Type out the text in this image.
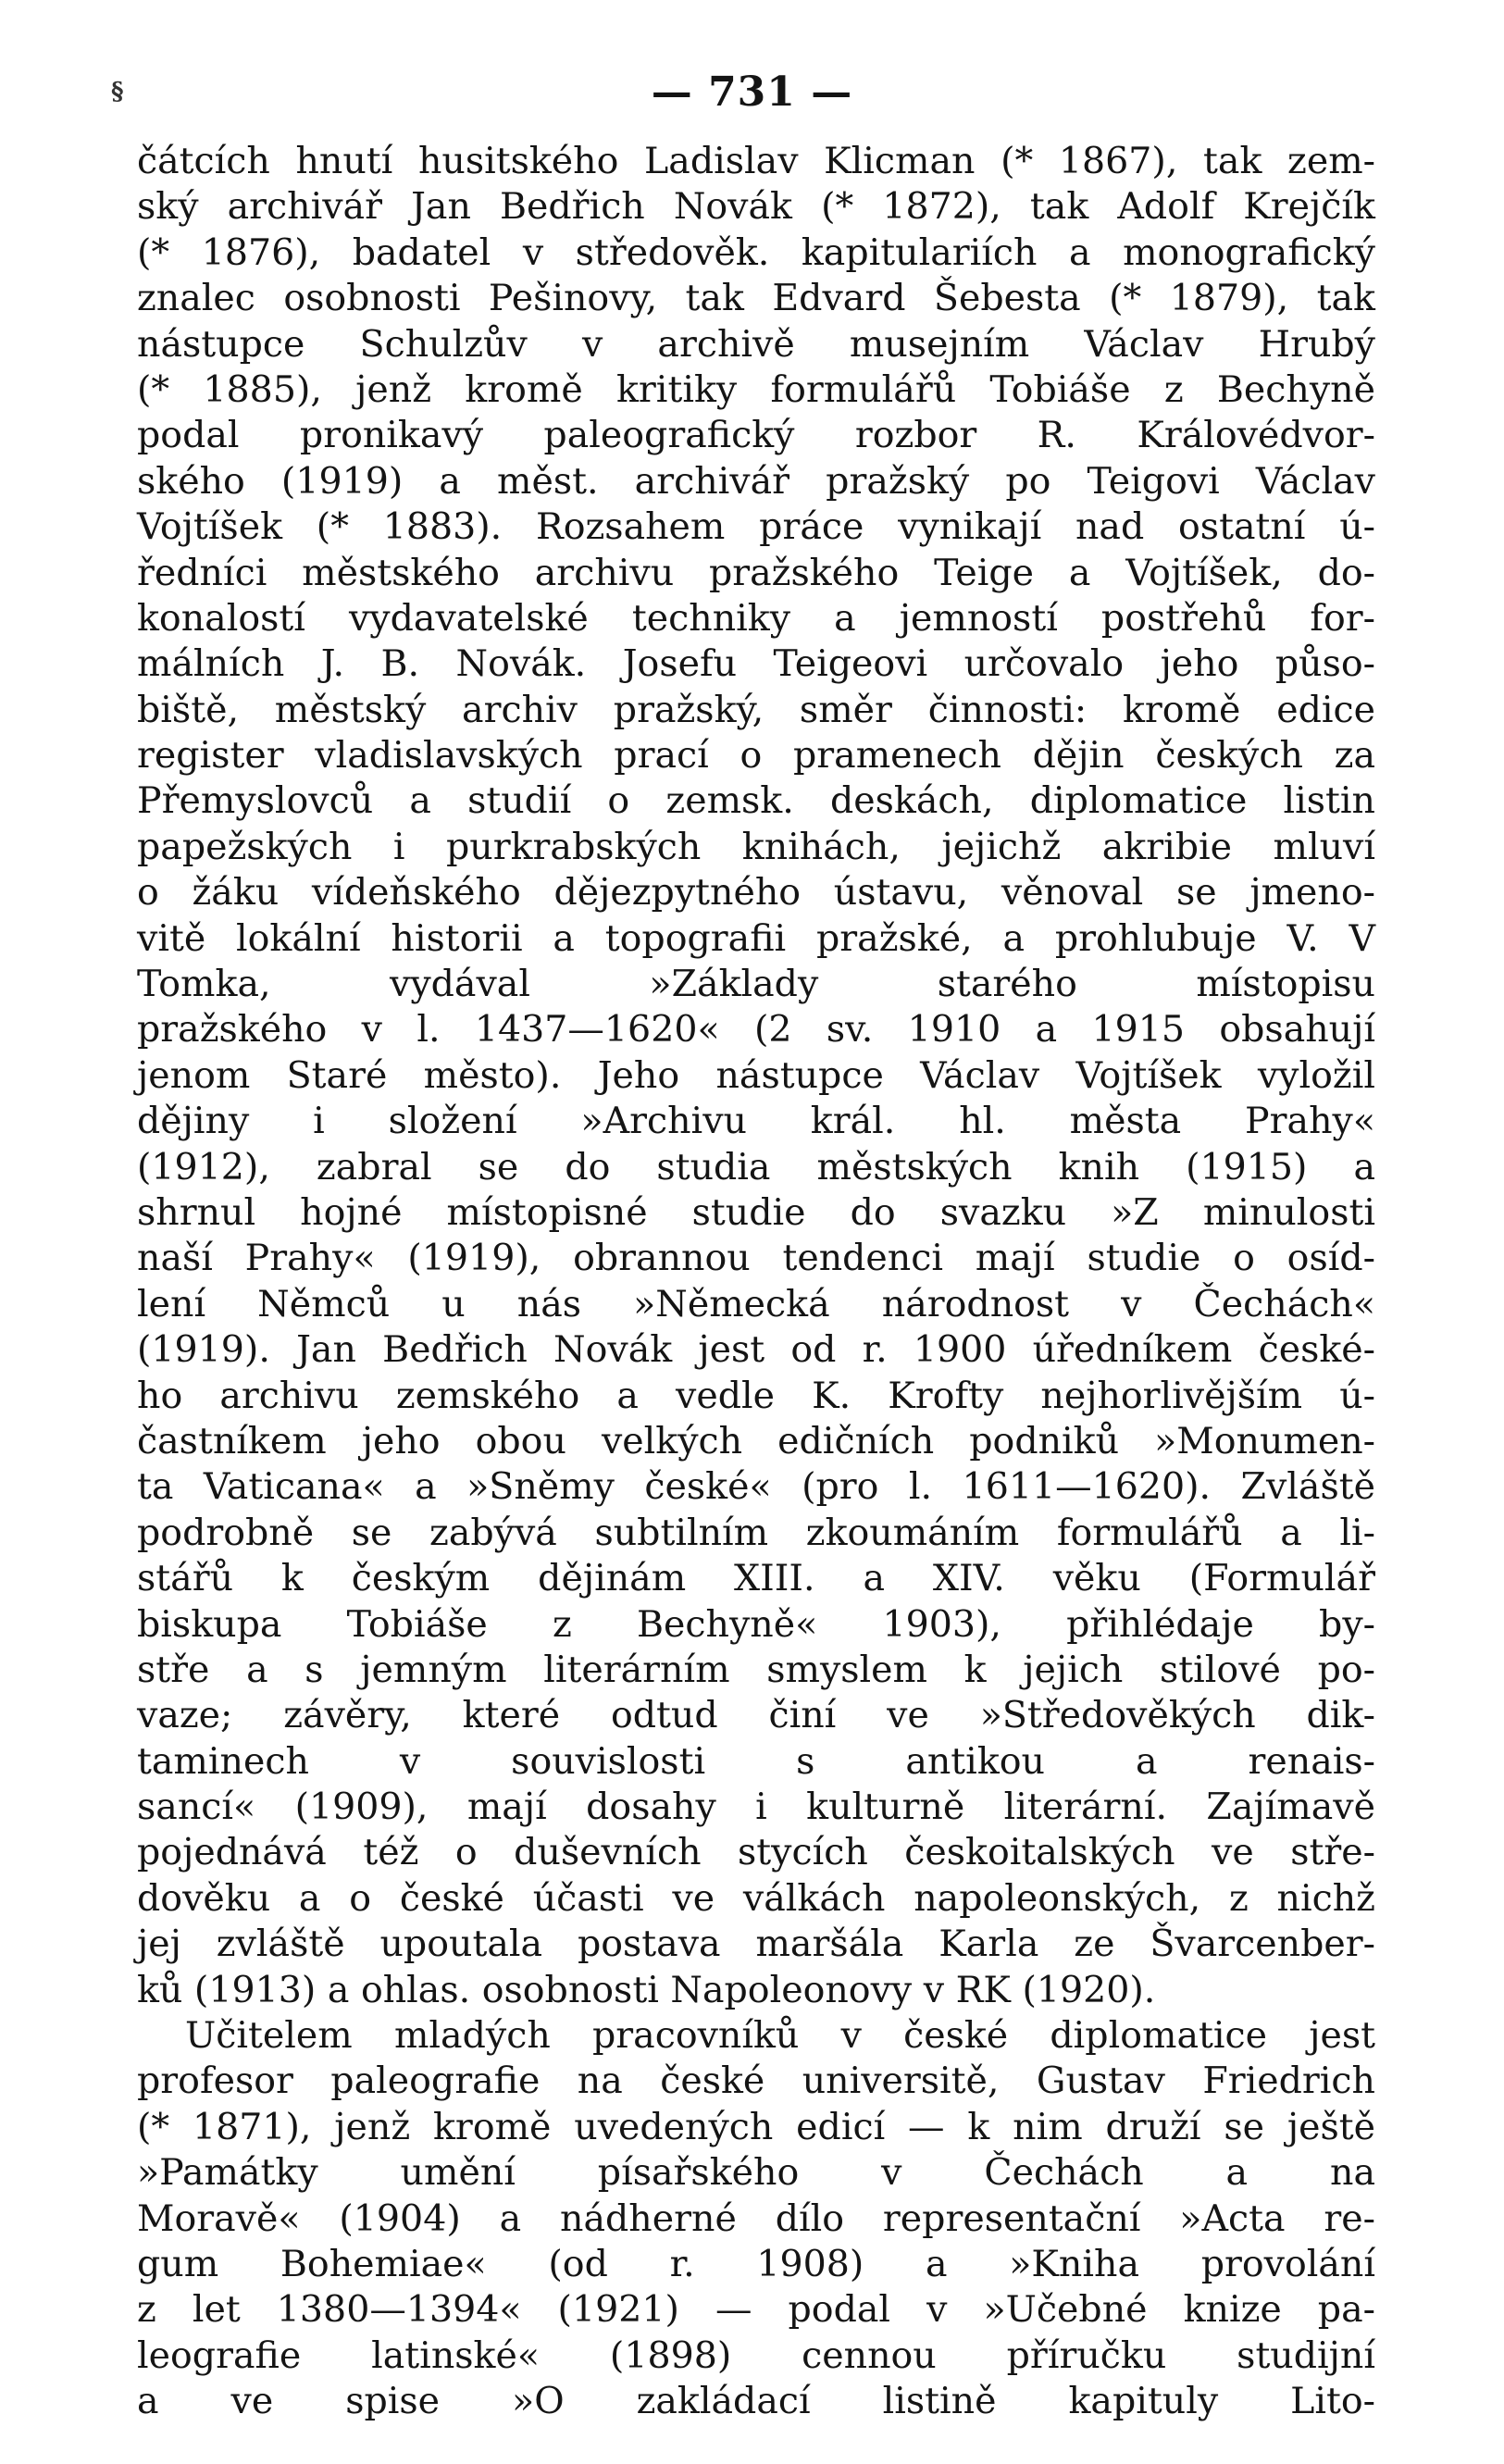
§	— 731 —
čátcích hnutí husitského Ladislav Klicman (* 1867), tak zem-
ský archivář Jan Bedřich Novák (* 1872), tak Adolf Krejčík
(* 1876), badatel v středověk. kapitulariích a monografický
znalec osobnosti Pešinovy, tak Edvard Šebesta (* 1879), tak
nástupce Schulzův v archivě musejním Václav Hrubý
(* 1885), jenž kromě kritiky formulářů Tobiáše z Bechyně
podal pronikavý paleografický rozbor R. Královédvor-
ského (1919) a měst. archivář pražský po Teigovi Václav
Vojtíšek (* 1883). Rozsahem práce vynikají nad ostatní ú-
ředníci městského archivu pražského Teige a Vojtíšek, do-
konalostí vydavatelské techniky a jemností postřehů for-
málních J. B. Novák. Josefu Teigeovi určovalo jeho půso-
biště, městský archiv pražský, směr činnosti: kromě edice
register vladislavských prací o pramenech dějin českých za
Přemyslovců a studií o zemsk. deskách, diplomatice listin
papežských i purkrabských knihách, jejichž akribie mluví
o žáku vídeňského dějezpytného ústavu, věnoval se jmeno-
vitě lokální historii a topografii pražské, a prohlubuje V. V
Tomka, vydával »Základy starého místopisu
pražského v l. 1437—1620« (2 sv. 1910 a 1915 obsahují
jenom Staré město). Jeho nástupce Václav Vojtíšek vyložil
dějiny i složení »Archivu král. hl. města Prahy«
(1912), zabral se do studia městských knih (1915) a
shrnul hojné místopisné studie do svazku »Z minulosti
naší Prahy« (1919), obrannou tendenci mají studie o osíd-
lení Němců u nás »Německá národnost v Čechách«
(1919). Jan Bedřich Novák jest od r. 1900 úředníkem české-
ho archivu zemského a vedle K. Krofty nejhorlivějším ú-
častníkem jeho obou velkých edičních podniků »Monumen-
ta Vaticana« a »Sněmy české« (pro l. 1611—1620). Zvláště
podrobně se zabývá subtilním zkoumáním formulářů a li-
stářů k českým dějinám XIII. a XIV. věku (Formulář
biskupa Tobiáše z Bechyně« 1903), přihlédaje by-
stře a s jemným literárním smyslem k jejich stilové po-
vaze; závěry, které odtud činí ve »Středověkých dik-
taminech v souvislosti s antikou a renais-
sancí« (1909), mají dosahy i kulturně literární. Zajímavě
pojednává též o duševních stycích českoitalských ve stře-
dověku a o české účasti ve válkách napoleonských, z nichž
jej zvláště upoutala postava maršála Karla ze Švarcenber-
ků (1913) a ohlas. osobnosti Napoleonovy v RK (1920).
Učitelem mladých pracovníků v české diplomatice jest
profesor paleografie na české universitě, Gustav Friedrich
(* 1871), jenž kromě uvedených edicí — k nim druží se ještě
»Památky umění písařského v Čechách a na
Moravě« (1904) a nádherné dílo representační »Acta re-
gum Bohemiae« (od r. 1908) a »Kniha provolání
z let 1380—1394« (1921) — podal v »Učebné knize pa-
leografie latinské« (1898) cennou příručku studijní
a ve spise »O zakládací listině kapituly Lito-
